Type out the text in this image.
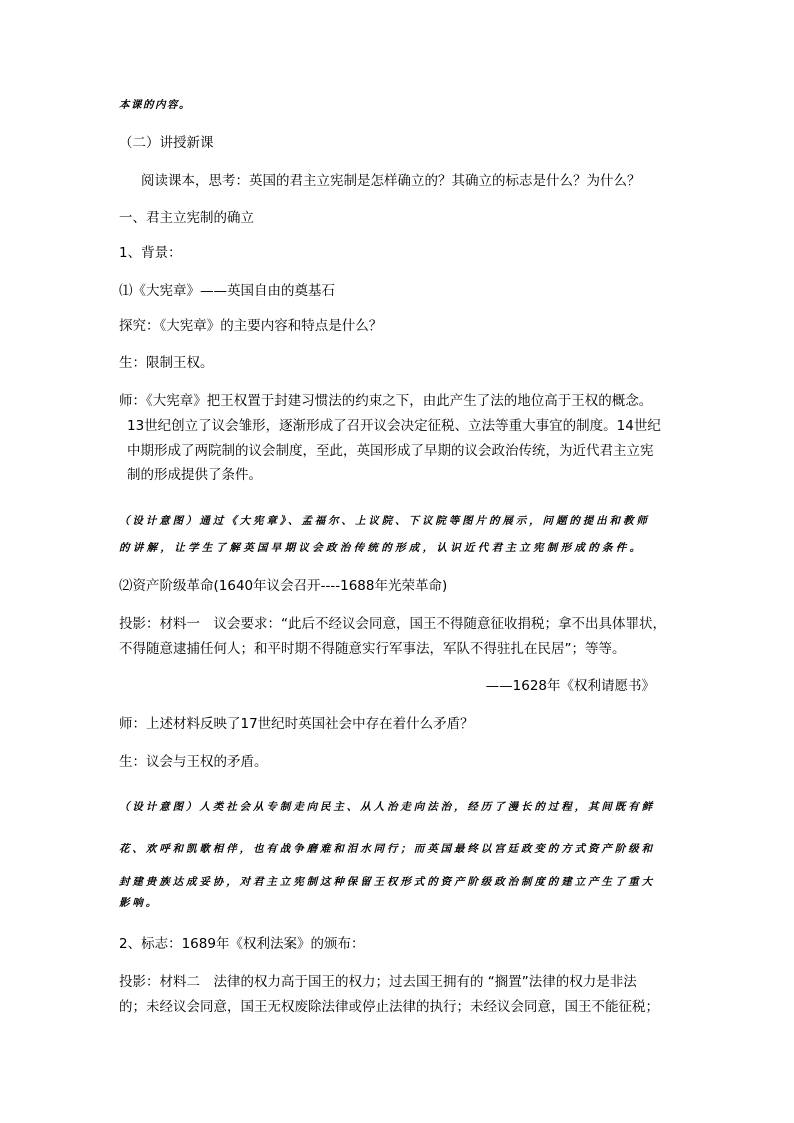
本课的内容。
（二）讲授新课
阅读课本，思考：英国的君主立宪制是怎样确立的？其确立的标志是什么？为什么？
一、君主立宪制的确立
1、背景：
⑴《大宪章》——英国自由的奠基石
探究：《大宪章》的主要内容和特点是什么？
生：限制王权。
师：《大宪章》把王权置于封建习惯法的约束之下，由此产生了法的地位高于王权的概念。
13世纪创立了议会雏形，逐渐形成了召开议会决定征税、立法等重大事宜的制度。14世纪
中期形成了两院制的议会制度，至此，英国形成了早期的议会政治传统，为近代君主立宪
制的形成提供了条件。
（设计意图）通过《大宪章》、孟福尔、上议院、下议院等图片的展示，问题的提出和教师
的讲解，让学生了解英国早期议会政治传统的形成，认识近代君主立宪制形成的条件。
⑵资产阶级革命(1640年议会召开----1688年光荣革命)
投影：材料一　议会要求：“此后不经议会同意，国王不得随意征收捐税；拿不出具体罪状，
不得随意逮捕任何人；和平时期不得随意实行军事法，军队不得驻扎在民居”；等等。
——1628年《权利请愿书》
师：上述材料反映了17世纪时英国社会中存在着什么矛盾？
生：议会与王权的矛盾。
（设计意图）人类社会从专制走向民主、从人治走向法治，经历了漫长的过程，其间既有鲜
花、欢呼和凯歌相伴，也有战争磨难和泪水同行；而英国最终以宫廷政变的方式资产阶级和
封建贵族达成妥协，对君主立宪制这种保留王权形式的资产阶级政治制度的建立产生了重大
影响。
2、标志：1689年《权利法案》的颁布：
投影：材料二　法律的权力高于国王的权力；过去国王拥有的 “搁置”法律的权力是非法
的；未经议会同意，国王无权废除法律或停止法律的执行；未经议会同意，国王不能征税；
